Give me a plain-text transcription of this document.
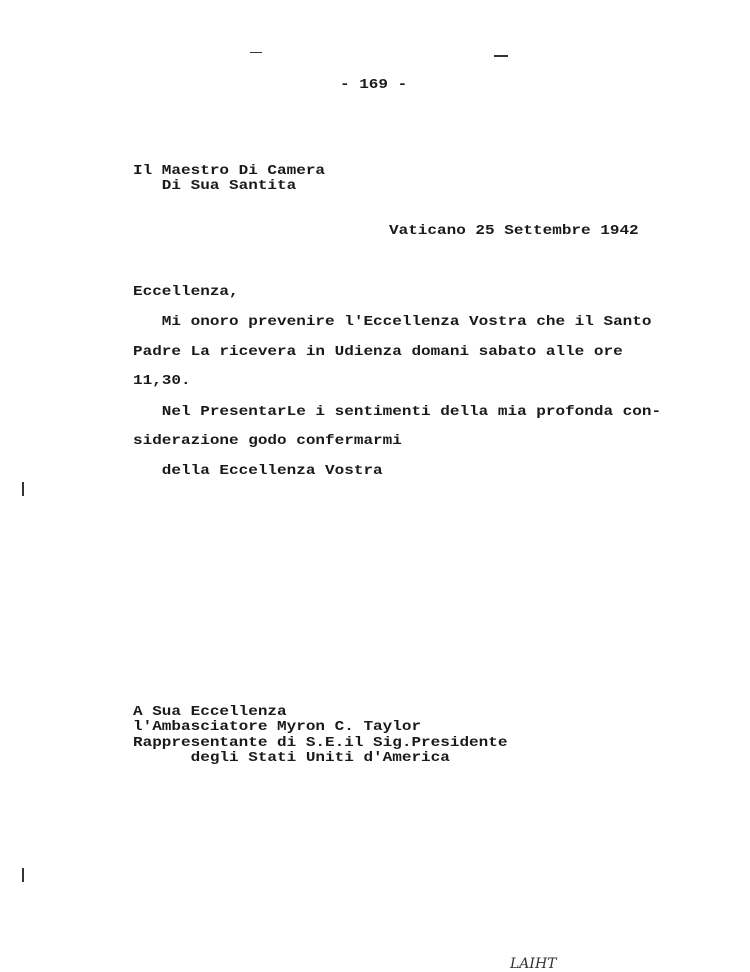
- 169 -
Il Maestro Di Camera
Di Sua Santita
Vaticano 25 Settembre 1942
Eccellenza,
Mi onoro prevenire l'Eccellenza Vostra che il Santo
Padre La ricevera in Udienza domani sabato alle ore
11,30.
Nel PresentarLe i sentimenti della mia profonda con-
siderazione godo confermarmi
della Eccellenza Vostra
A Sua Eccellenza
l'Ambasciatore Myron C. Taylor
Rappresentante di S.E.il Sig.Presidente
degli Stati Uniti d'America
LAIHT
